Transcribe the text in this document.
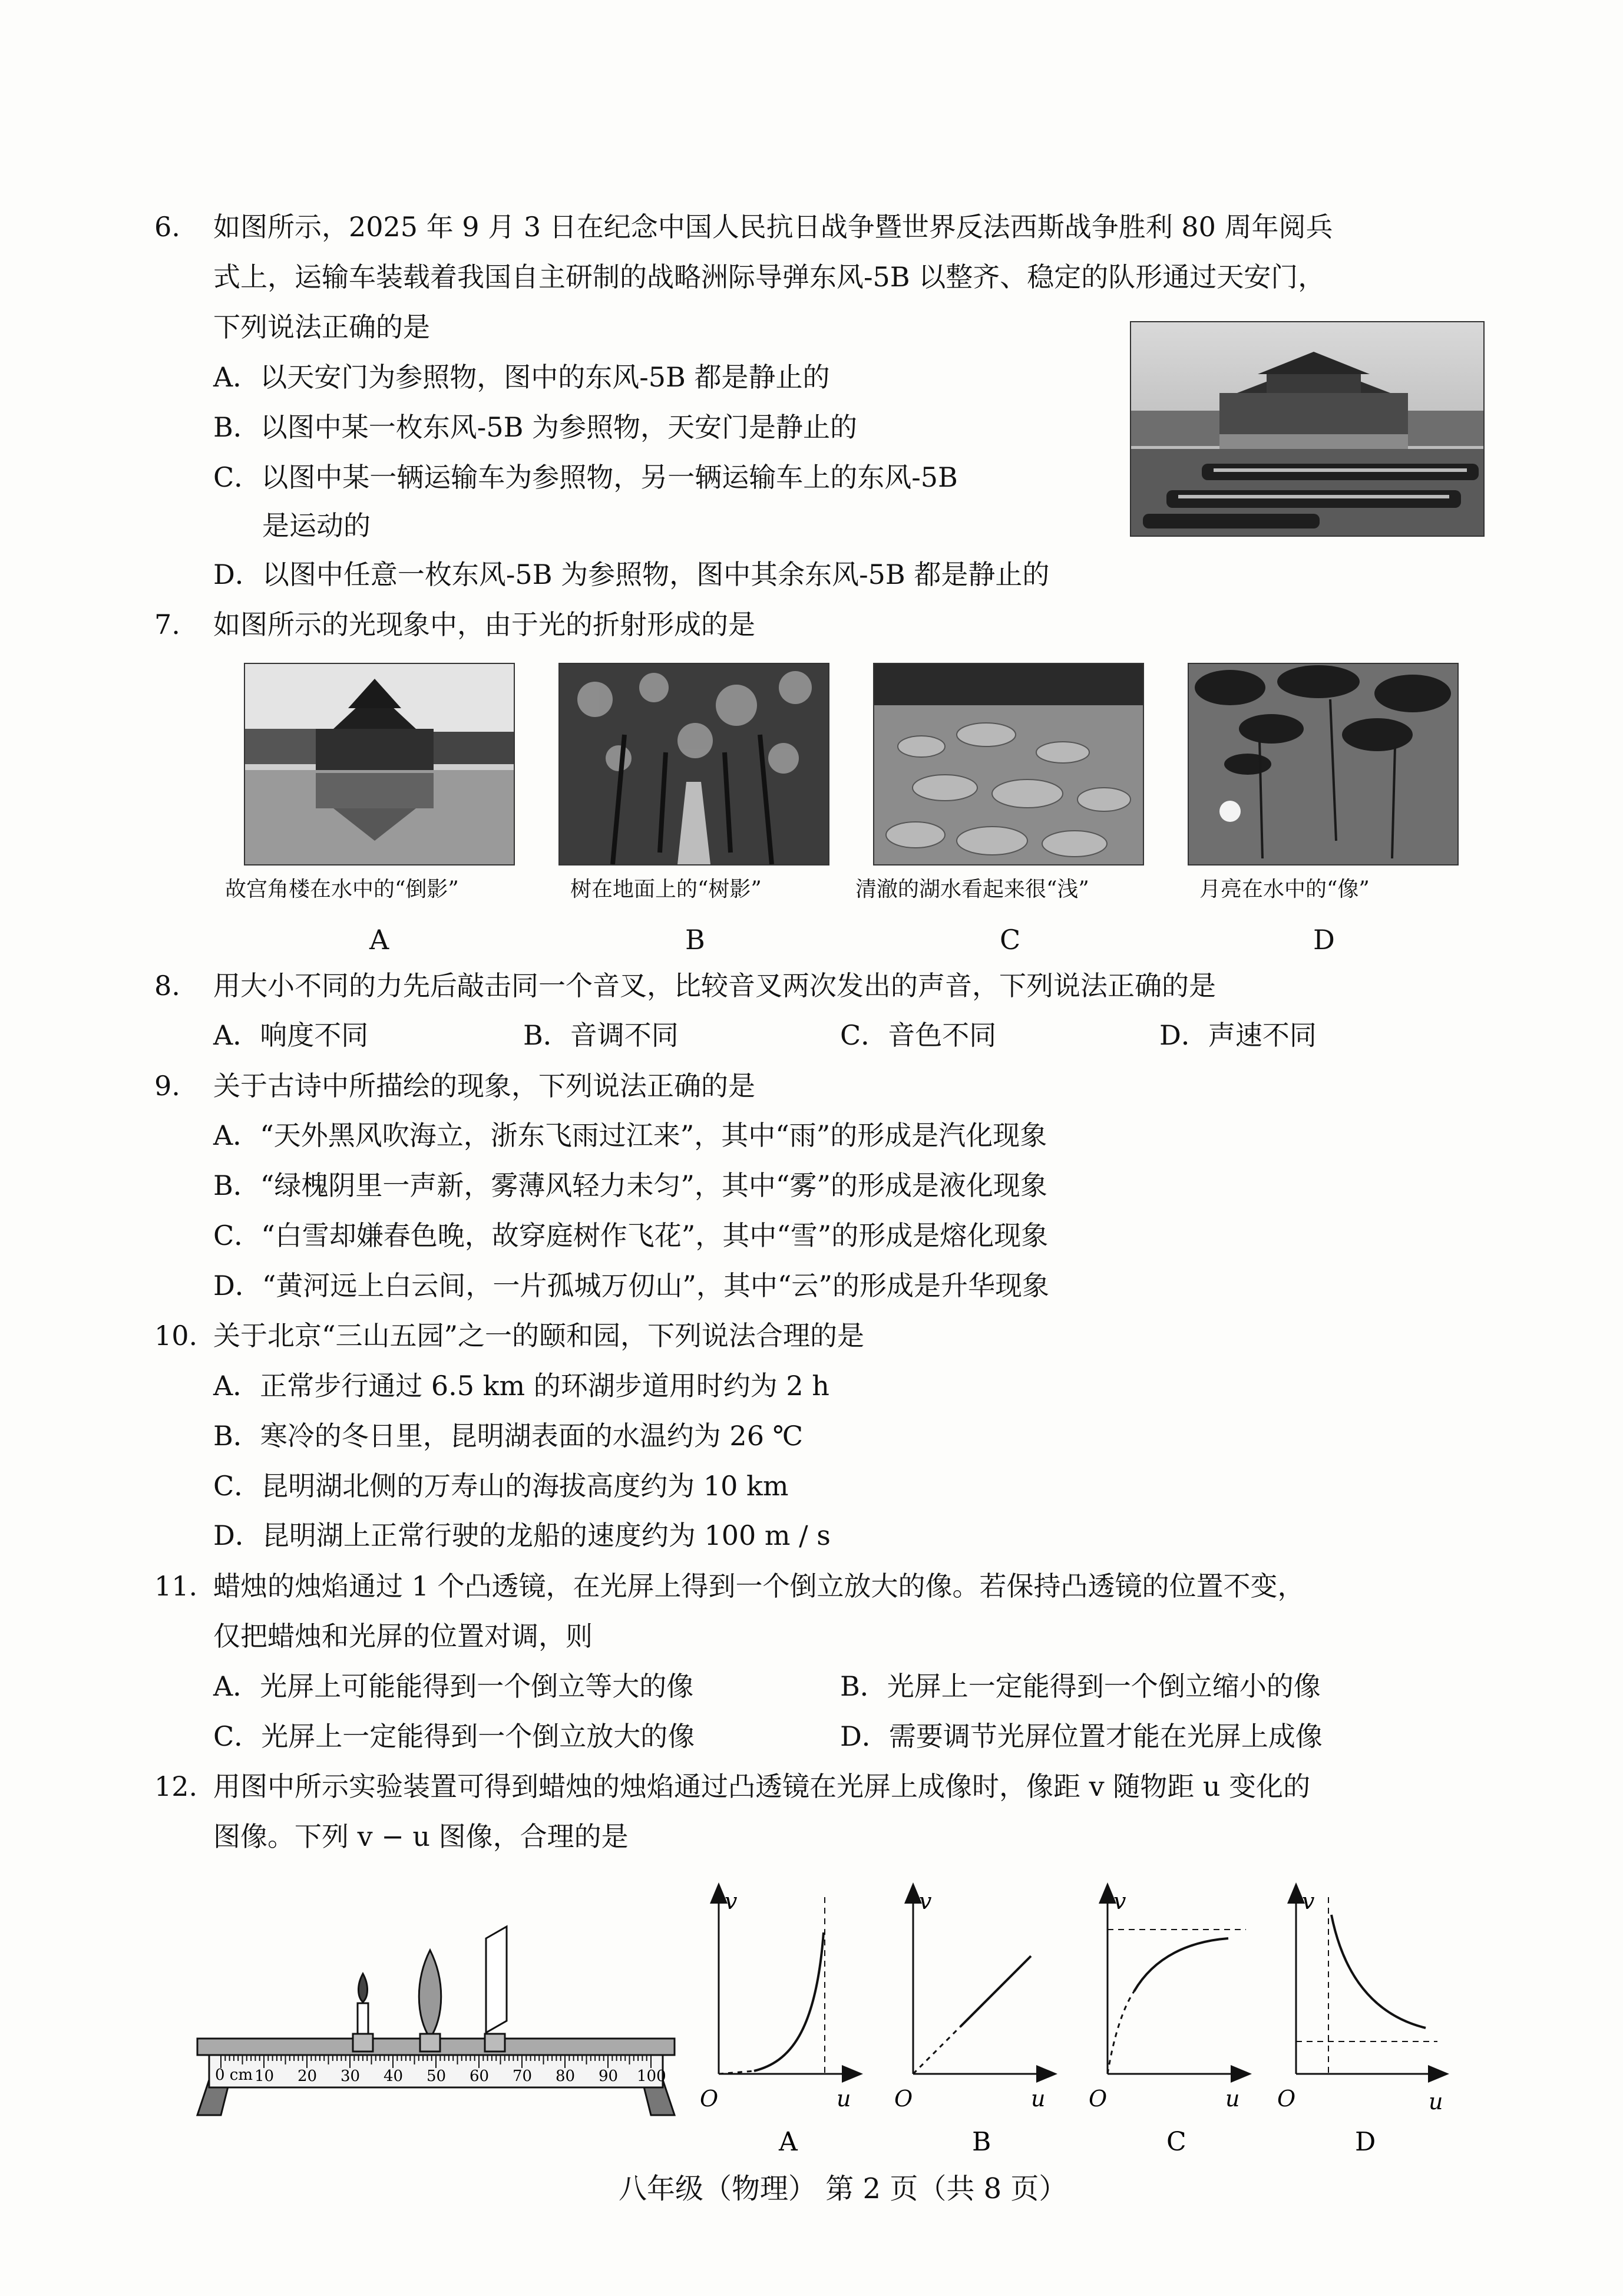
6. 如图所示，2025 年 9 月 3 日在纪念中国人民抗日战争暨世界反法西斯战争胜利 80 周年阅兵
式上，运输车装载着我国自主研制的战略洲际导弹东风-5B 以整齐、稳定的队形通过天安门，
下列说法正确的是
A．以天安门为参照物，图中的东风-5B 都是静止的
B．以图中某一枚东风-5B 为参照物，天安门是静止的
C．以图中某一辆运输车为参照物，另一辆运输车上的东风-5B
是运动的
D．以图中任意一枚东风-5B 为参照物，图中其余东风-5B 都是静止的
7. 如图所示的光现象中，由于光的折射形成的是
故宫角楼在水中的“倒影”
A
树在地面上的“树影”
B
清澈的湖水看起来很“浅”
C
月亮在水中的“像”
D
8. 用大小不同的力先后敲击同一个音叉，比较音叉两次发出的声音，下列说法正确的是
A．响度不同	B．音调不同	C．音色不同	D．声速不同
9. 关于古诗中所描绘的现象，下列说法正确的是
A．“天外黑风吹海立，浙东飞雨过江来”，其中“雨”的形成是汽化现象
B．“绿槐阴里一声新，雾薄风轻力未匀”，其中“雾”的形成是液化现象
C．“白雪却嫌春色晚，故穿庭树作飞花”，其中“雪”的形成是熔化现象
D．“黄河远上白云间，一片孤城万仞山”，其中“云”的形成是升华现象
10. 关于北京“三山五园”之一的颐和园，下列说法合理的是
A．正常步行通过 6.5 km 的环湖步道用时约为 2 h
B．寒冷的冬日里，昆明湖表面的水温约为 26 ℃
C．昆明湖北侧的万寿山的海拔高度约为 10 km
D．昆明湖上正常行驶的龙船的速度约为 100 m / s
11. 蜡烛的烛焰通过 1 个凸透镜，在光屏上得到一个倒立放大的像。若保持凸透镜的位置不变，
仅把蜡烛和光屏的位置对调，则
A．光屏上可能能得到一个倒立等大的像	B．光屏上一定能得到一个倒立缩小的像
C．光屏上一定能得到一个倒立放大的像	D．需要调节光屏位置才能在光屏上成像
12. 用图中所示实验装置可得到蜡烛的烛焰通过凸透镜在光屏上成像时，像距 v 随物距 u 变化的
图像。下列 v − u 图像，合理的是
0 cm 10 20 30 40 50 60 70 80 90 100
v
u
O
A
v
u
O
B
v
u
O
C
v
u
O
D
八年级（物理） 第 2 页（共 8 页）
